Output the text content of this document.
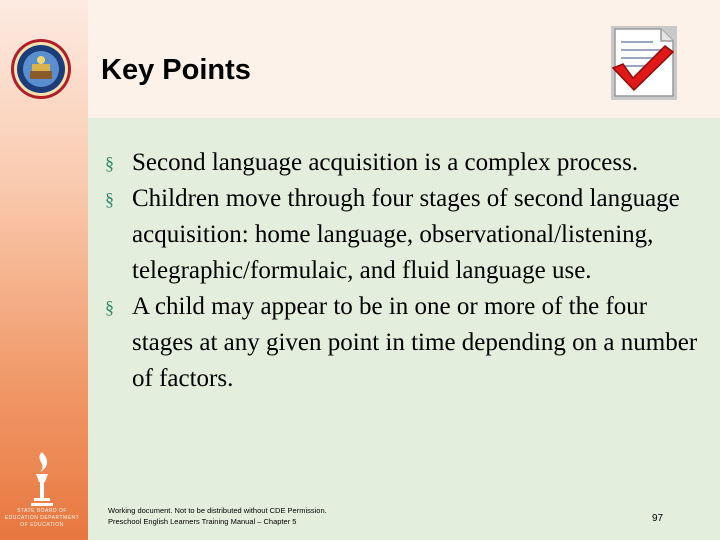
STATE BOARD OF EDUCATION DEPARTMENT OF EDUCATION
Key Points
§ Second language acquisition is a complex process.
§ Children move through four stages of second language acquisition: home language, observational/listening, telegraphic/formulaic, and fluid language use.
§ A child may appear to be in one or more of the four stages at any given point in time depending on a number of factors.
Working document. Not to be distributed without CDE Permission.
Preschool English Learners Training Manual – Chapter 5	97
